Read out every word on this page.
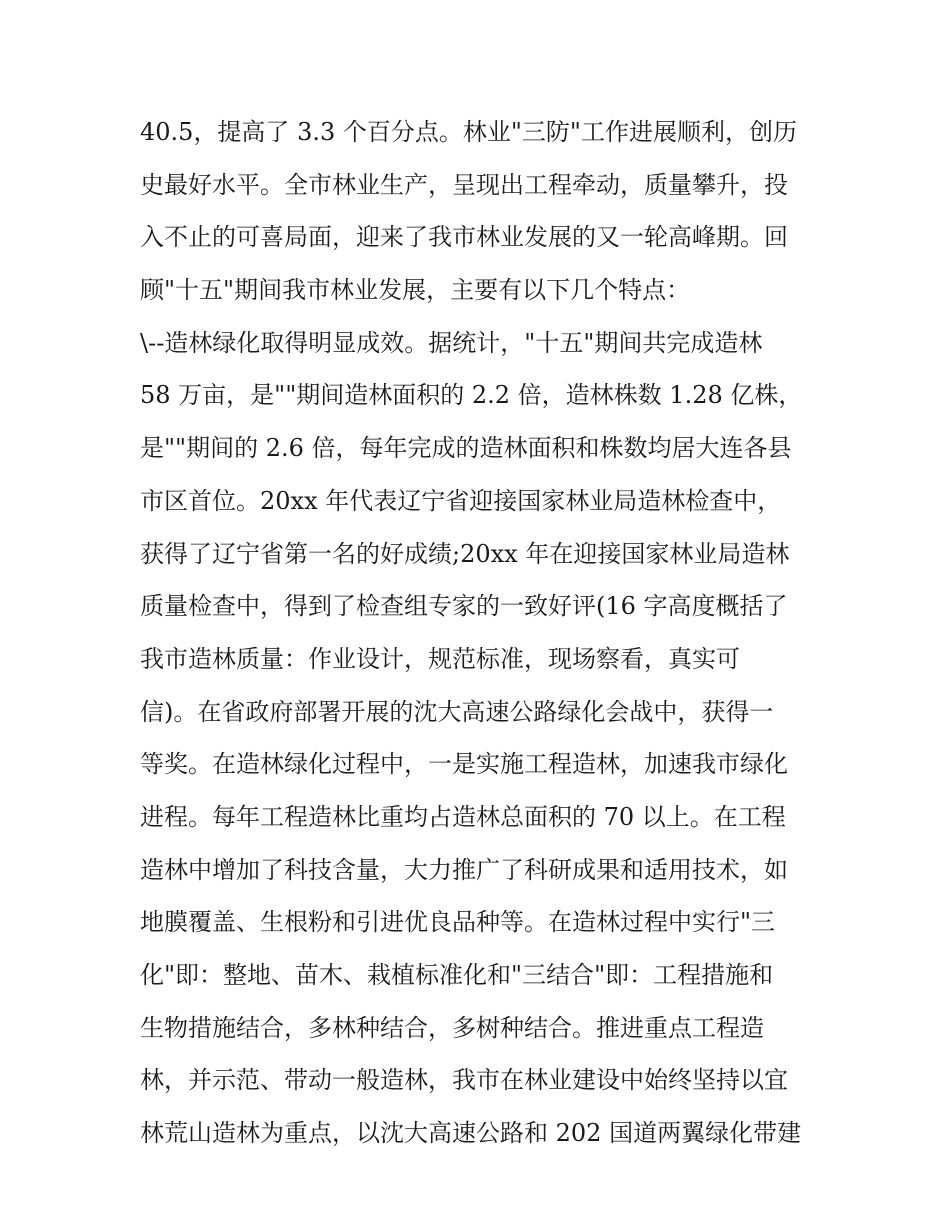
40.5，提高了 3.3 个百分点。林业"三防"工作进展顺利，创历
史最好水平。全市林业生产，呈现出工程牵动，质量攀升，投
入不止的可喜局面，迎来了我市林业发展的又一轮高峰期。回
顾"十五"期间我市林业发展，主要有以下几个特点：
\--造林绿化取得明显成效。据统计，"十五"期间共完成造林
58 万亩，是""期间造林面积的 2.2 倍，造林株数 1.28 亿株，
是""期间的 2.6 倍，每年完成的造林面积和株数均居大连各县
市区首位。20xx 年代表辽宁省迎接国家林业局造林检查中，
获得了辽宁省第一名的好成绩;20xx 年在迎接国家林业局造林
质量检查中，得到了检查组专家的一致好评(16 字高度概括了
我市造林质量：作业设计，规范标准，现场察看，真实可
信)。在省政府部署开展的沈大高速公路绿化会战中，获得一
等奖。在造林绿化过程中，一是实施工程造林，加速我市绿化
进程。每年工程造林比重均占造林总面积的 70 以上。在工程
造林中增加了科技含量，大力推广了科研成果和适用技术，如
地膜覆盖、生根粉和引进优良品种等。在造林过程中实行"三
化"即：整地、苗木、栽植标准化和"三结合"即：工程措施和
生物措施结合，多林种结合，多树种结合。推进重点工程造
林，并示范、带动一般造林，我市在林业建设中始终坚持以宜
林荒山造林为重点，以沈大高速公路和 202 国道两翼绿化带建
